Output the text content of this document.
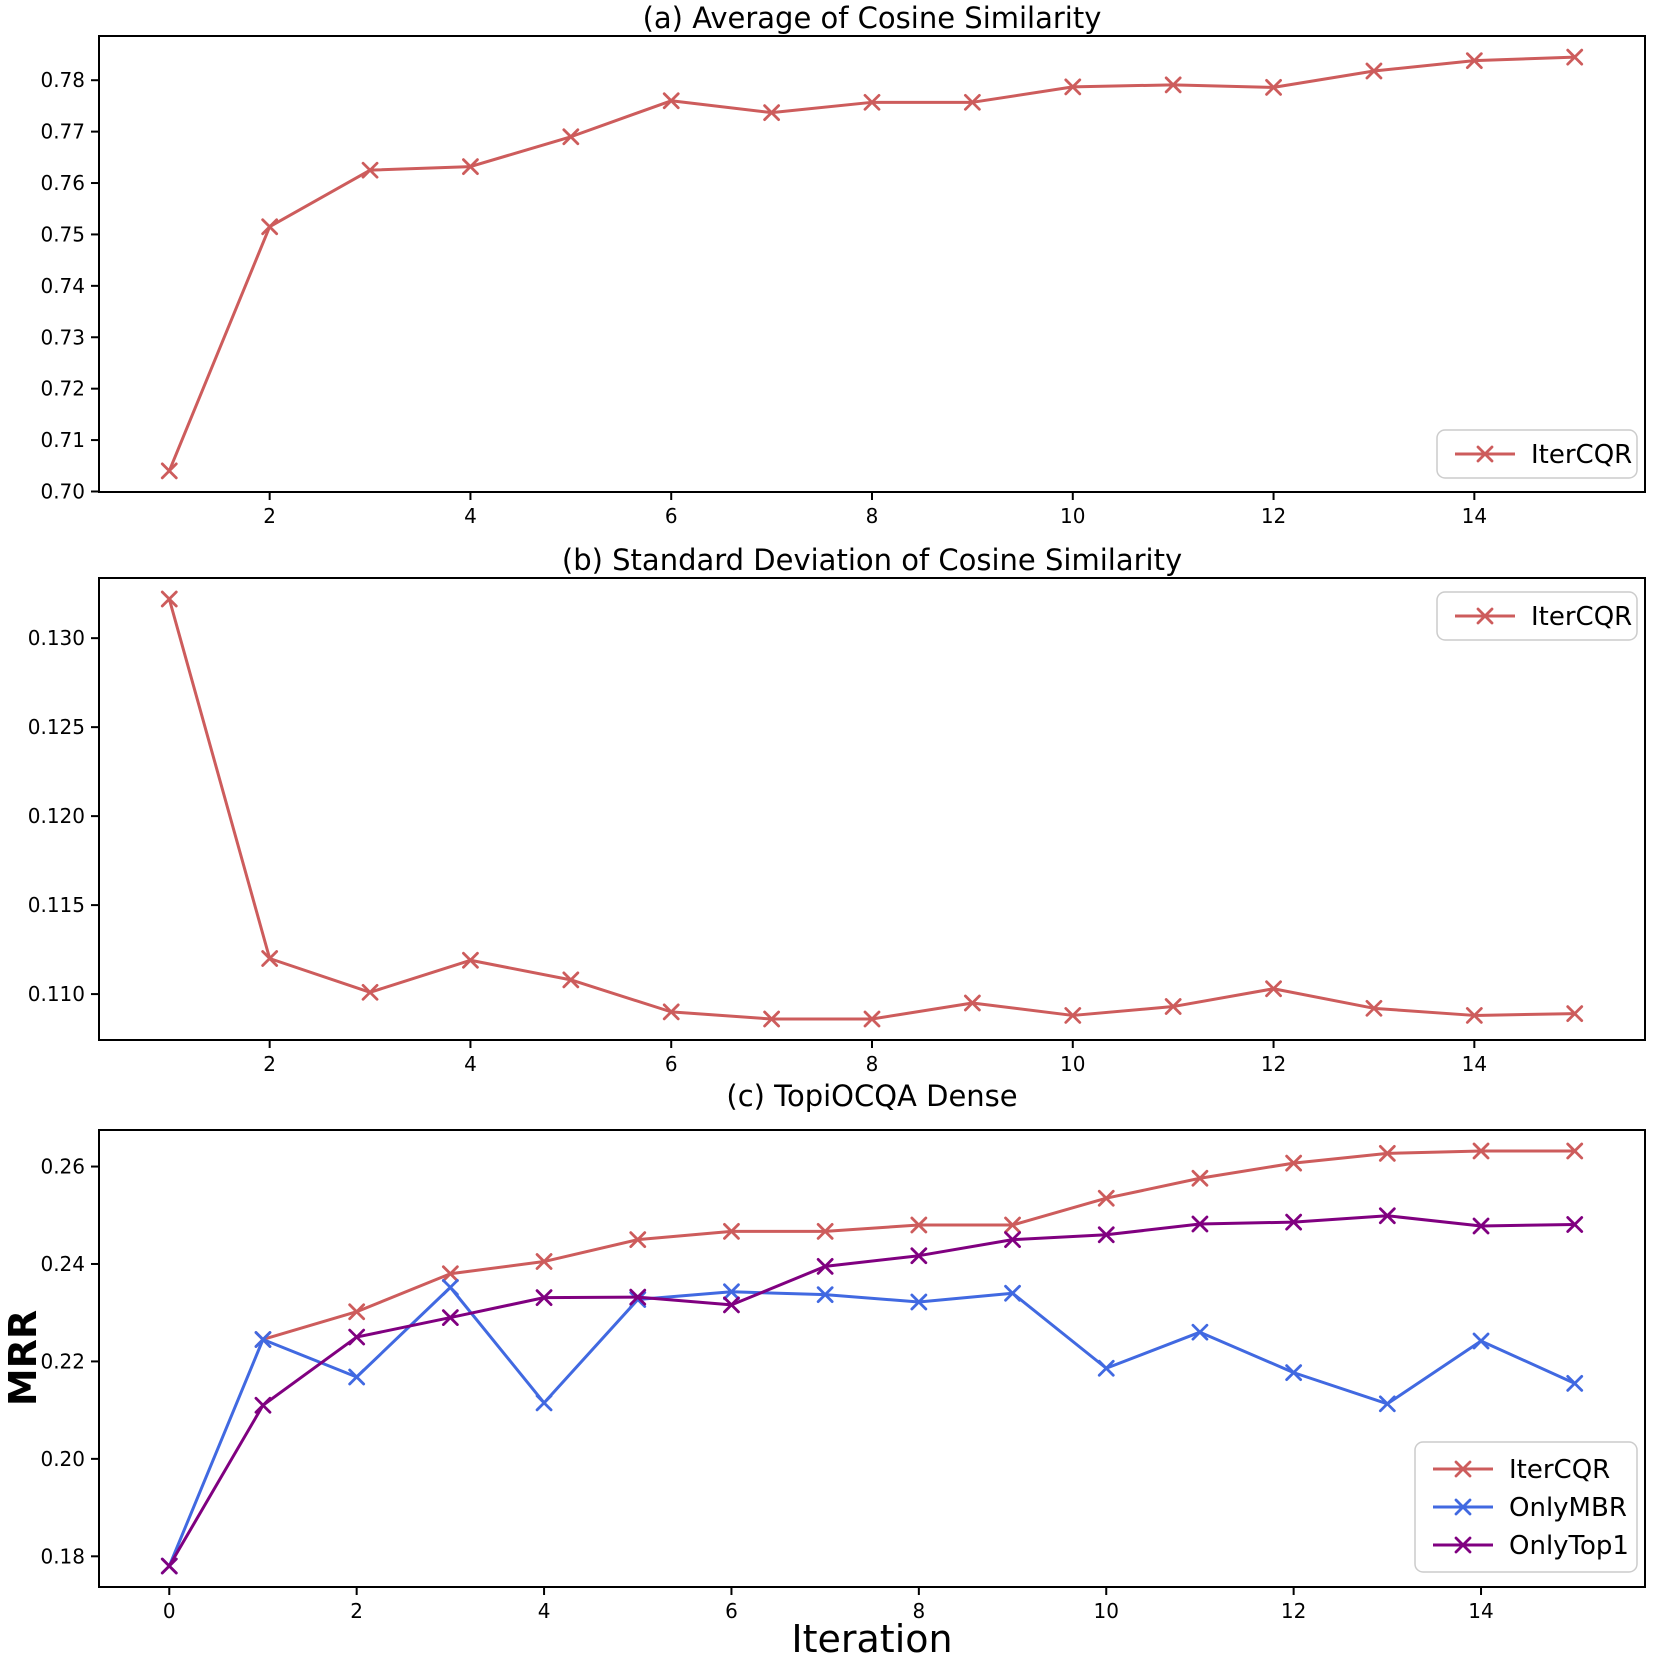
(a) Average of Cosine Similarity
2	4	6	8	10	12	14
0.70
0.71
0.72
0.73
0.74
0.75
0.76
0.77
0.78
IterCQR
(b) Standard Deviation of Cosine Similarity
2	4	6	8	10	12	14
0.110
0.115
0.120
0.125
0.130
IterCQR
(c) TopiOCQA Dense
0	2	4	6	8	10	12	14
0.18
0.20
0.22
0.24
0.26
IterCQR
OnlyMBR
OnlyTop1
MRR
Iteration
